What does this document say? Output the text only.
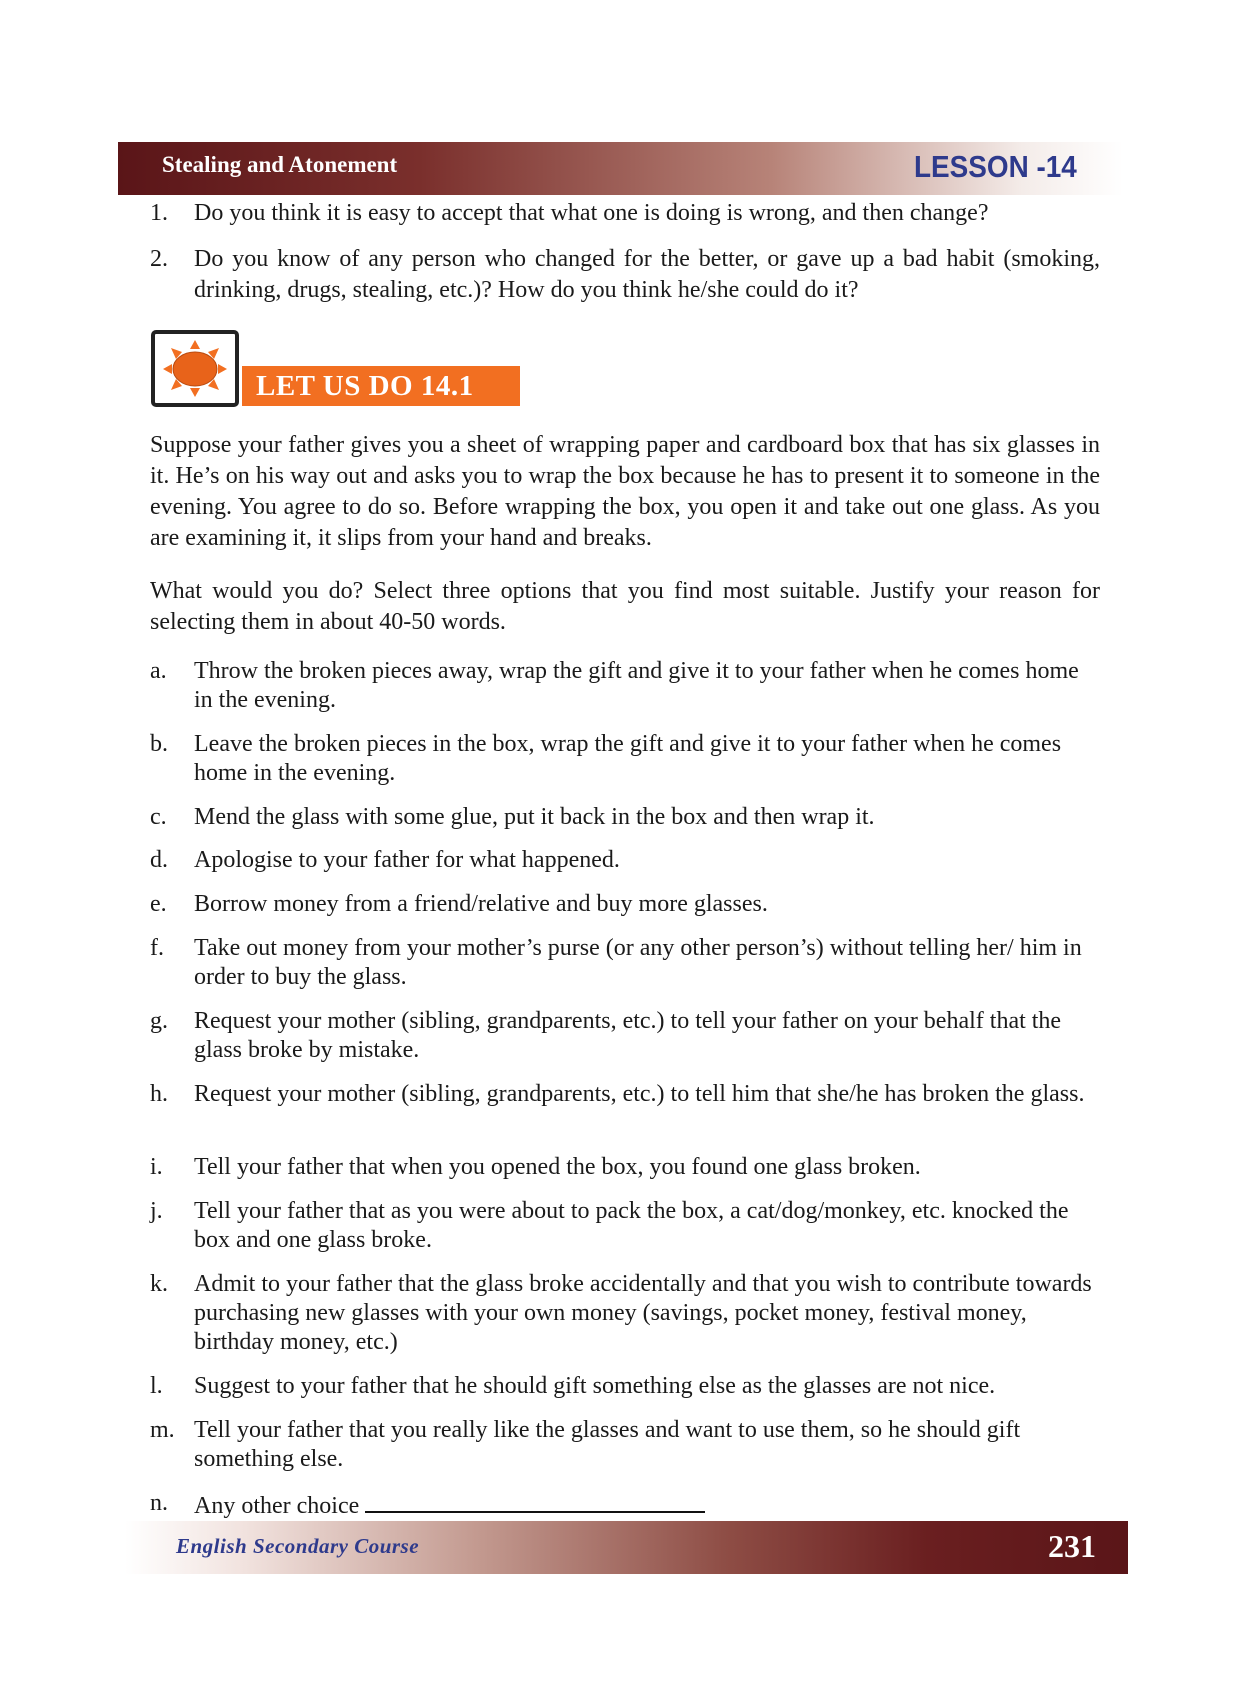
Stealing and Atonement	LESSON -14
1. Do you think it is easy to accept that what one is doing is wrong, and then change?
2. Do you know of any person who changed for the better, or gave up a bad habit (smoking, drinking, drugs, stealing, etc.)? How do you think he/she could do it?
LET US DO 14.1
Suppose your father gives you a sheet of wrapping paper and cardboard box that has six glasses in it. He’s on his way out and asks you to wrap the box because he has to present it to someone in the evening. You agree to do so. Before wrapping the box, you open it and take out one glass. As you are examining it, it slips from your hand and breaks.
What would you do? Select three options that you find most suitable. Justify your reason for selecting them in about 40-50 words.
a. Throw the broken pieces away, wrap the gift and give it to your father when he comes home in the evening.
b. Leave the broken pieces in the box, wrap the gift and give it to your father when he comes home in the evening.
c. Mend the glass with some glue, put it back in the box and then wrap it.
d. Apologise to your father for what happened.
e. Borrow money from a friend/relative and buy more glasses.
f. Take out money from your mother’s purse (or any other person’s) without telling her/ him in order to buy the glass.
g. Request your mother (sibling, grandparents, etc.) to tell your father on your behalf that the glass broke by mistake.
h. Request your mother (sibling, grandparents, etc.) to tell him that she/he has broken the glass.
i. Tell your father that when you opened the box, you found one glass broken.
j. Tell your father that as you were about to pack the box, a cat/dog/monkey, etc. knocked the box and one glass broke.
k. Admit to your father that the glass broke accidentally and that you wish to contribute towards purchasing new glasses with your own money (savings, pocket money, festival money, birthday money, etc.)
l. Suggest to your father that he should gift something else as the glasses are not nice.
m. Tell your father that you really like the glasses and want to use them, so he should gift something else.
n. Any other choice
English Secondary Course	231
